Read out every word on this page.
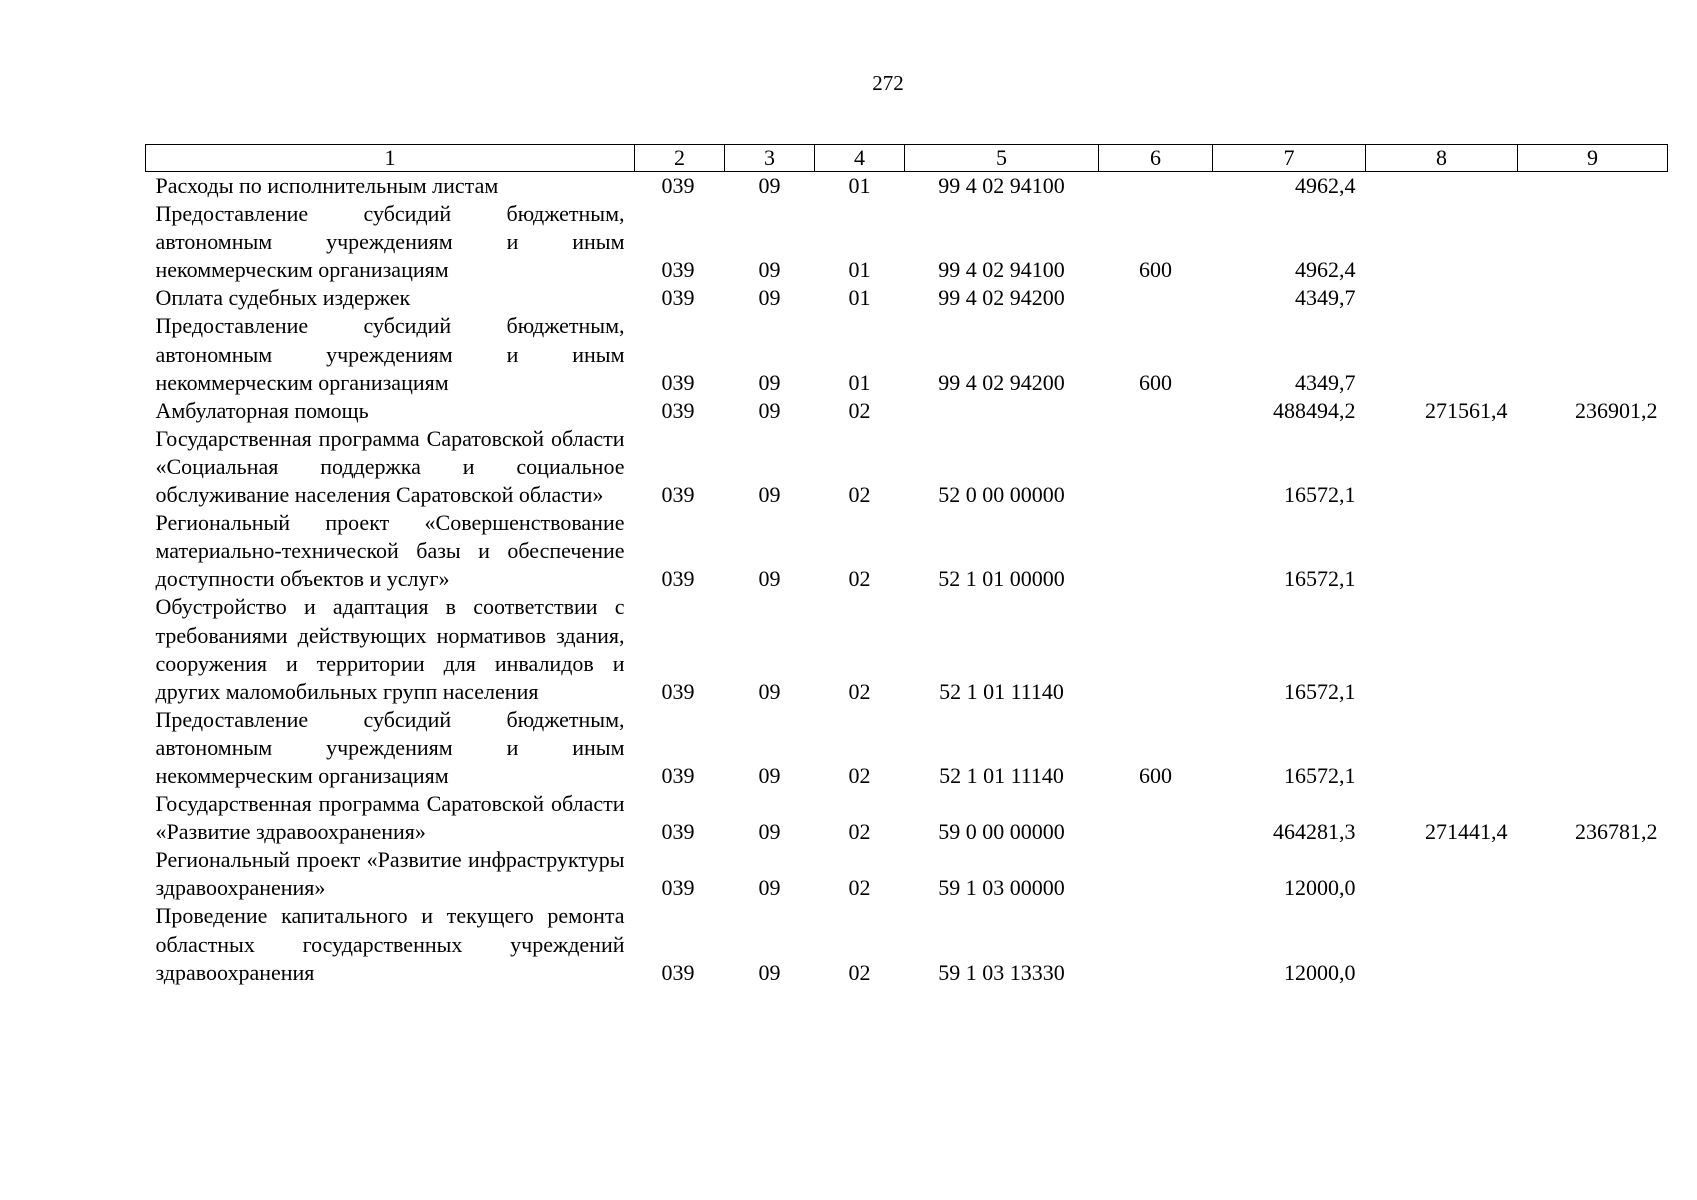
272
1	2	3	4	5	6	7	8	9
Расходы по исполнительным листам	039	09	01	99 4 02 94100		4962,4		
Предоставление субсидий бюджетным, автономным учреждениям и иным некоммерческим организациям	039	09	01	99 4 02 94100	600	4962,4		
Оплата судебных издержек	039	09	01	99 4 02 94200		4349,7		
Предоставление субсидий бюджетным, автономным учреждениям и иным некоммерческим организациям	039	09	01	99 4 02 94200	600	4349,7		
Амбулаторная помощь	039	09	02			488494,2	271561,4	236901,2
Государственная программа Саратовской области «Социальная поддержка и социальное обслуживание населения Саратовской области»	039	09	02	52 0 00 00000		16572,1		
Региональный проект «Совершенствование материально-технической базы и обеспечение доступности объектов и услуг»	039	09	02	52 1 01 00000		16572,1		
Обустройство и адаптация в соответствии с требованиями действующих нормативов здания, сооружения и территории для инвалидов и других маломобильных групп населения	039	09	02	52 1 01 11140		16572,1		
Предоставление субсидий бюджетным, автономным учреждениям и иным некоммерческим организациям	039	09	02	52 1 01 11140	600	16572,1		
Государственная программа Саратовской области «Развитие здравоохранения»	039	09	02	59 0 00 00000		464281,3	271441,4	236781,2
Региональный проект «Развитие инфраструктуры здравоохранения»	039	09	02	59 1 03 00000		12000,0		
Проведение капитального и текущего ремонта областных государственных учреждений здравоохранения	039	09	02	59 1 03 13330		12000,0		
